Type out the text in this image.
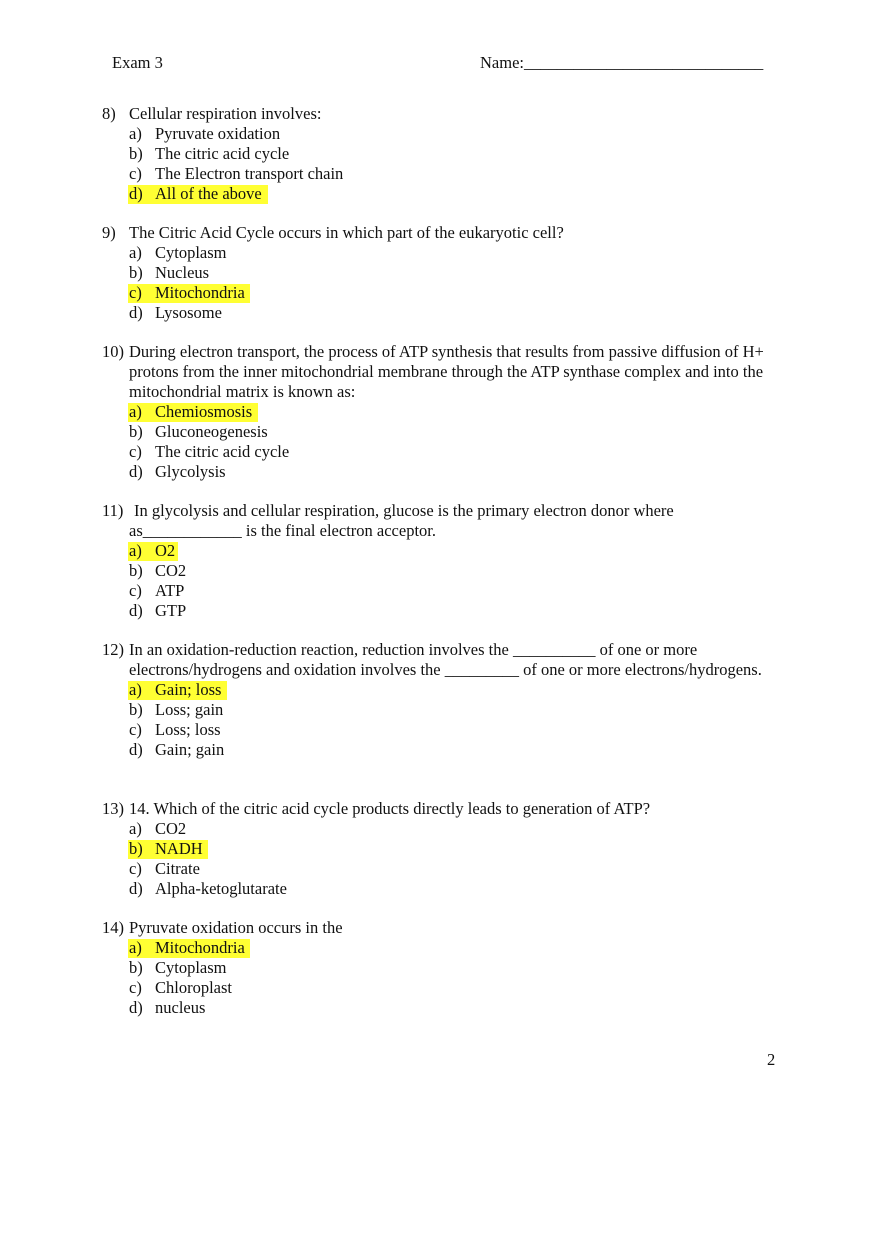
Exam 3	Name:_____________________________
8) Cellular respiration involves:
a) Pyruvate oxidation
b) The citric acid cycle
c) The Electron transport chain
d) All of the above
9) The Citric Acid Cycle occurs in which part of the eukaryotic cell?
a) Cytoplasm
b) Nucleus
c) Mitochondria
d) Lysosome
10) During electron transport, the process of ATP synthesis that results from passive diffusion of H+ protons from the inner mitochondrial membrane through the ATP synthase complex and into the mitochondrial matrix is known as:
a) Chemiosmosis
b) Gluconeogenesis
c) The citric acid cycle
d) Glycolysis
11) In glycolysis and cellular respiration, glucose is the primary electron donor where as____________ is the final electron acceptor.
a) O2
b) CO2
c) ATP
d) GTP
12) In an oxidation-reduction reaction, reduction involves the __________ of one or more electrons/hydrogens and oxidation involves the _________ of one or more electrons/hydrogens.
a) Gain; loss
b) Loss; gain
c) Loss; loss
d) Gain; gain
13) 14. Which of the citric acid cycle products directly leads to generation of ATP?
a) CO2
b) NADH
c) Citrate
d) Alpha-ketoglutarate
14) Pyruvate oxidation occurs in the
a) Mitochondria
b) Cytoplasm
c) Chloroplast
d) nucleus
2
